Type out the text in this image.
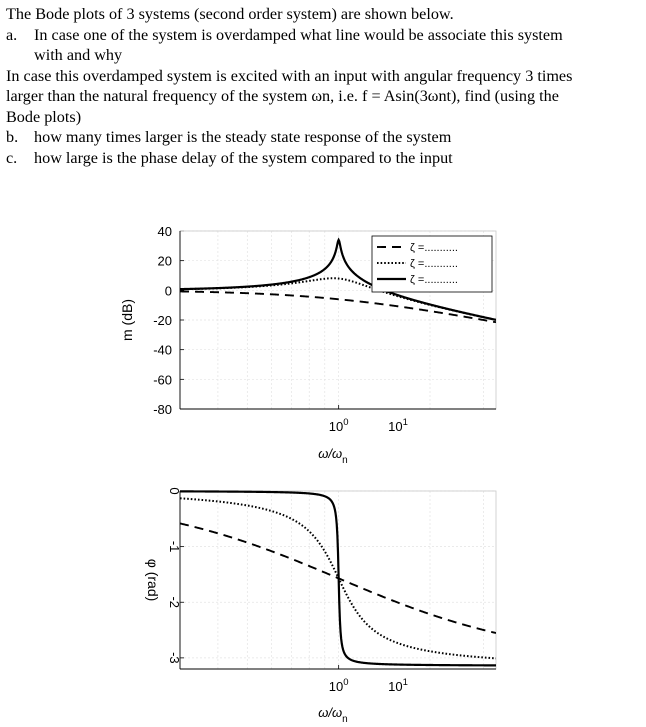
The Bode plots of 3 systems (second order system) are shown below.

a.	In case one of the system is overdamped what line would be associate this system

with and why

In case this overdamped system is excited with an input with angular frequency 3 times

larger than the natural frequency of the system ωn, i.e. f = Asin(3ωnt), find (using the

Bode plots)

b. how many times larger is the steady state response of the system
c.	how large is the phase delay of the system compared to the input
40
20
0
-20
-40
-60
-80
m (dB)
ζ =...........
ζ =...........
ζ =...........
$10^0$	$10^1$
0
-1
-2
-3
φ (rad)
$10^0$	$10^1$
$\omega/\omega_n$
$\omega/\omega_n$
